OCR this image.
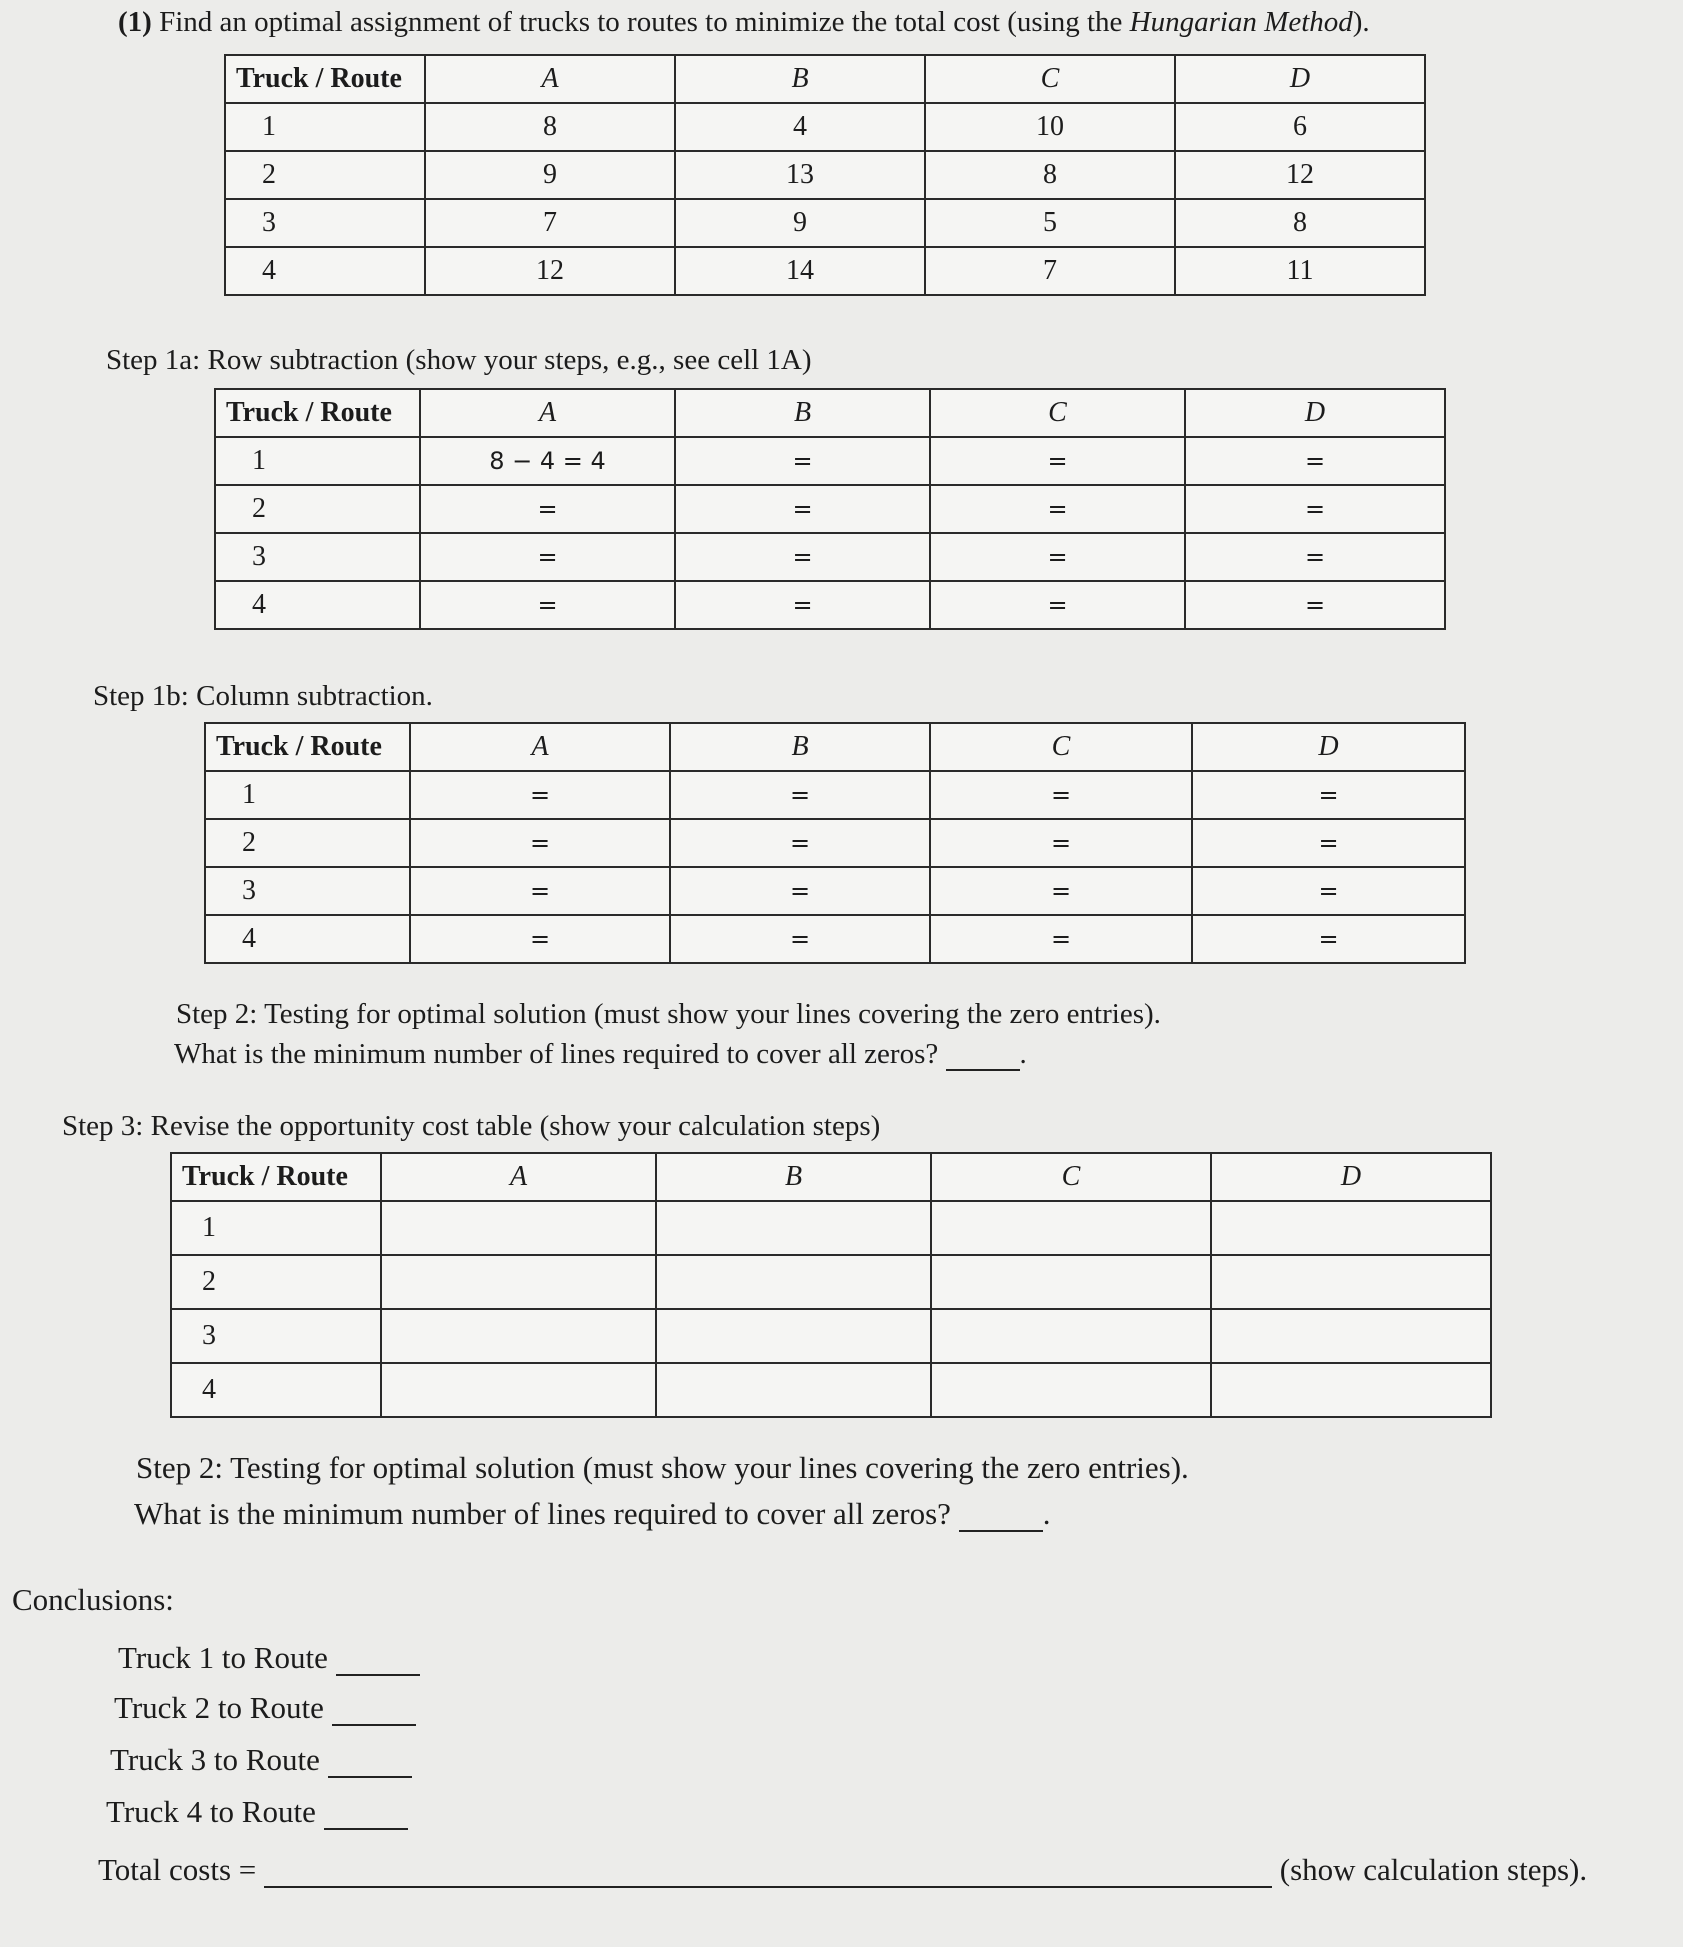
(1) Find an optimal assignment of trucks to routes to minimize the total cost (using the Hungarian Method).
Truck / Route	A	B	C	D
1	8	4	10	6
2	9	13	8	12
3	7	9	5	8
4	12	14	7	11
Step 1a: Row subtraction (show your steps, e.g., see cell 1A)
Truck / Route	A	B	C	D
1	8 − 4 = 4	=	=	=
2	=	=	=	=
3	=	=	=	=
4	=	=	=	=
Step 1b: Column subtraction.
Truck / Route	A	B	C	D
1	=	=	=	=
2	=	=	=	=
3	=	=	=	=
4	=	=	=	=
Step 2: Testing for optimal solution (must show your lines covering the zero entries).
What is the minimum number of lines required to cover all zeros?	.
Step 3: Revise the opportunity cost table (show your calculation steps)
Truck / Route	A	B	C	D
1				
2				
3				
4				
Step 2: Testing for optimal solution (must show your lines covering the zero entries).
What is the minimum number of lines required to cover all zeros?	.
Conclusions:
Truck 1 to Route
Truck 2 to Route
Truck 3 to Route
Truck 4 to Route
Total costs =	(show calculation steps).
